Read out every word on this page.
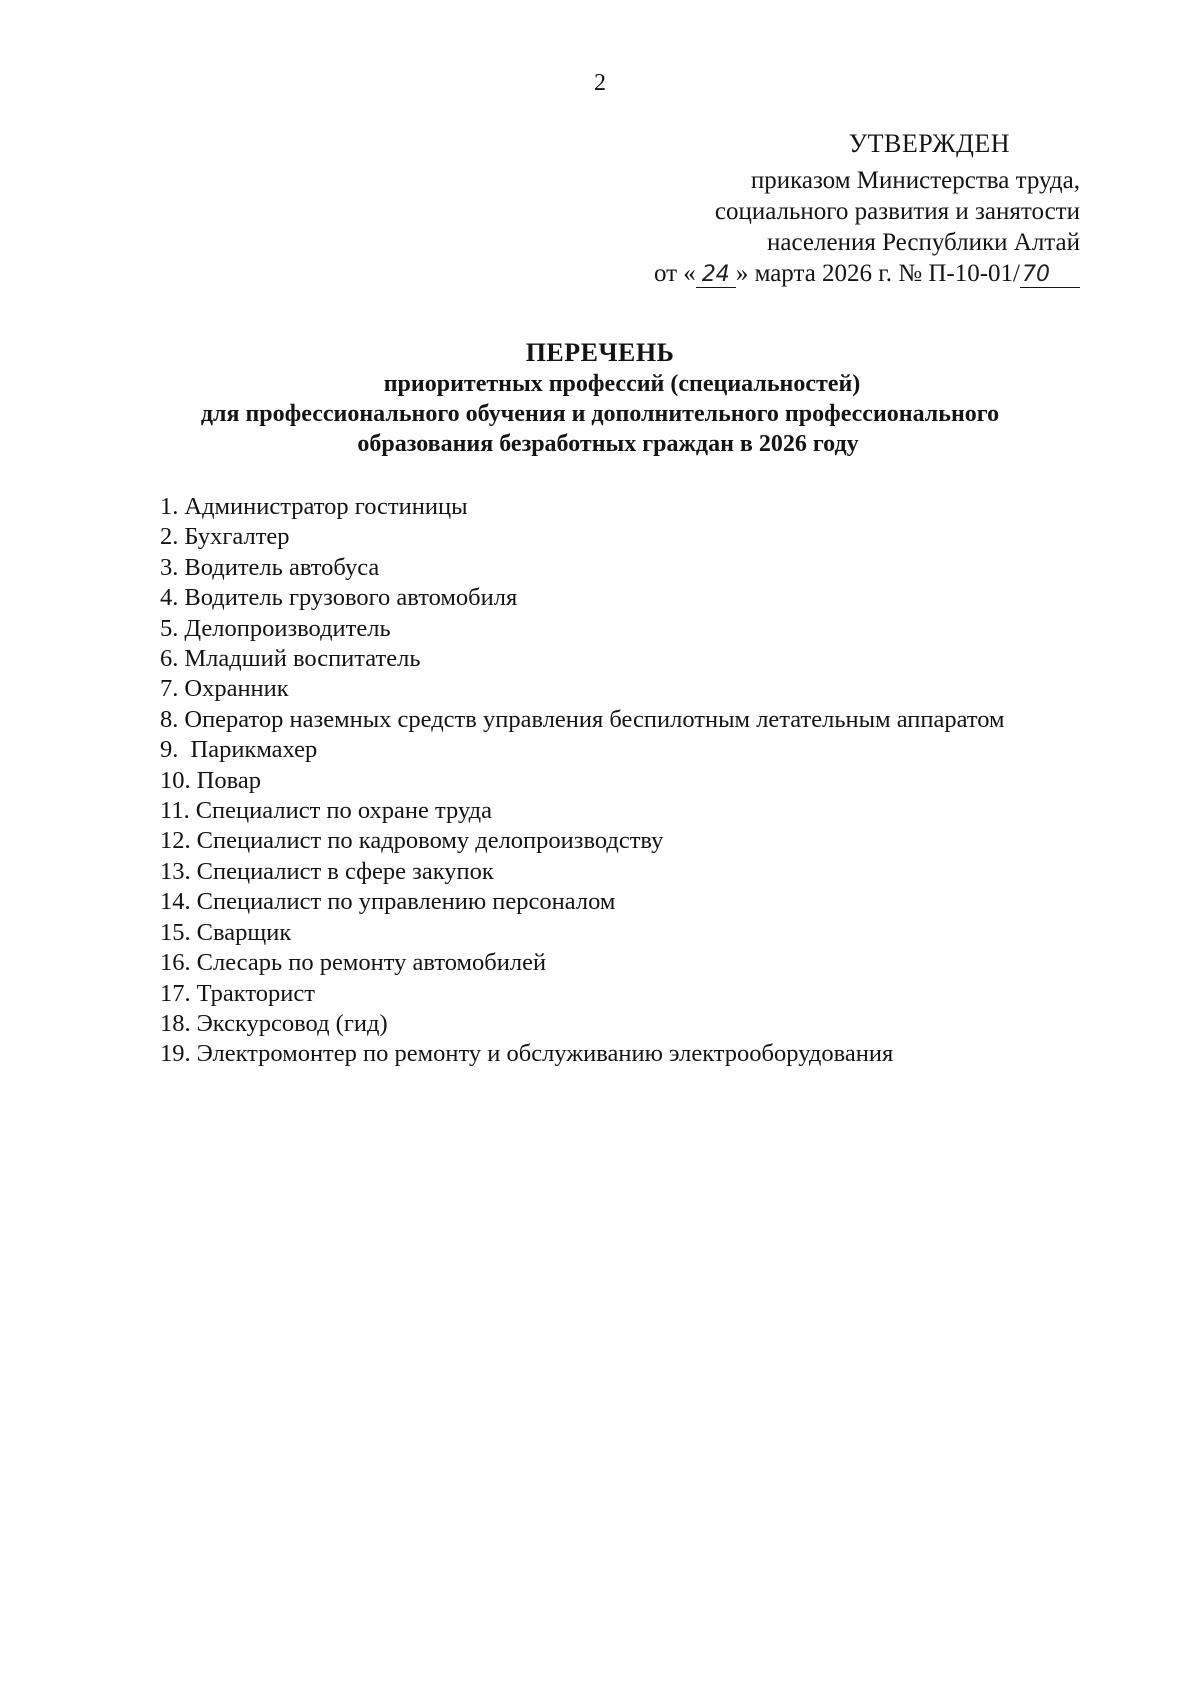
2
УТВЕРЖДЕН
приказом Министерства труда,
социального развития и занятости
населения Республики Алтай
от « 24 » марта 2026 г. № П-10-01/70
ПЕРЕЧЕНЬ
приоритетных профессий (специальностей)
для профессионального обучения и дополнительного профессионального
образования безработных граждан в 2026 году
1. Администратор гостиницы
2. Бухгалтер
3. Водитель автобуса
4. Водитель грузового автомобиля
5. Делопроизводитель
6. Младший воспитатель
7. Охранник
8. Оператор наземных средств управления беспилотным летательным аппаратом
9. Парикмахер
10. Повар
11. Специалист по охране труда
12. Специалист по кадровому делопроизводству
13. Специалист в сфере закупок
14. Специалист по управлению персоналом
15. Сварщик
16. Слесарь по ремонту автомобилей
17. Тракторист
18. Экскурсовод (гид)
19. Электромонтер по ремонту и обслуживанию электрооборудования
